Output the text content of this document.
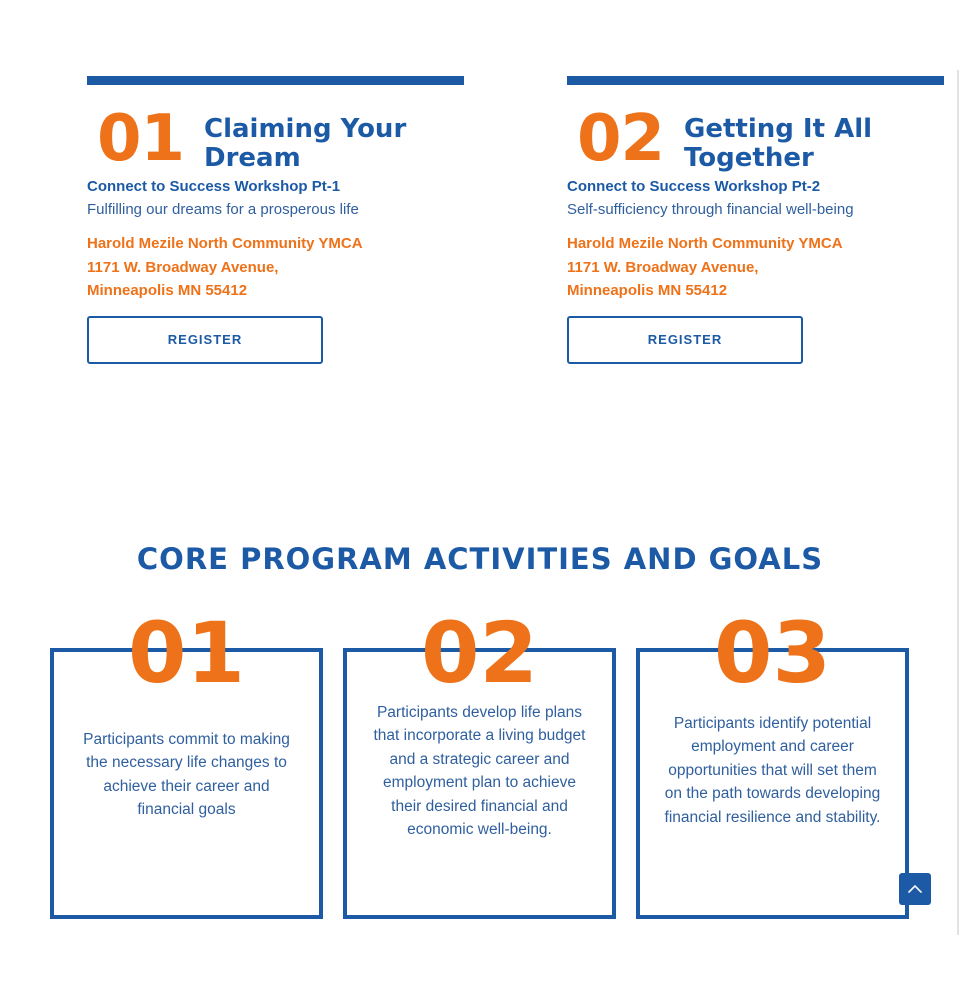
01 Claiming Your
Dream
Connect to Success Workshop Pt-1
Fulfilling our dreams for a prosperous life
Harold Mezile North Community YMCA
1171 W. Broadway Avenue,
Minneapolis MN 55412
REGISTER
02 Getting It All
Together
Connect to Success Workshop Pt-2
Self-sufficiency through financial well-being
Harold Mezile North Community YMCA
1171 W. Broadway Avenue,
Minneapolis MN 55412
REGISTER
CORE PROGRAM ACTIVITIES AND GOALS
01

Participants commit to making the necessary life changes to achieve their career and financial goals

02

Participants develop life plans that incorporate a living budget and a strategic career and employment plan to achieve their desired financial and economic well-being.

03

Participants identify potential employment and career opportunities that will set them on the path towards developing financial resilience and stability.
